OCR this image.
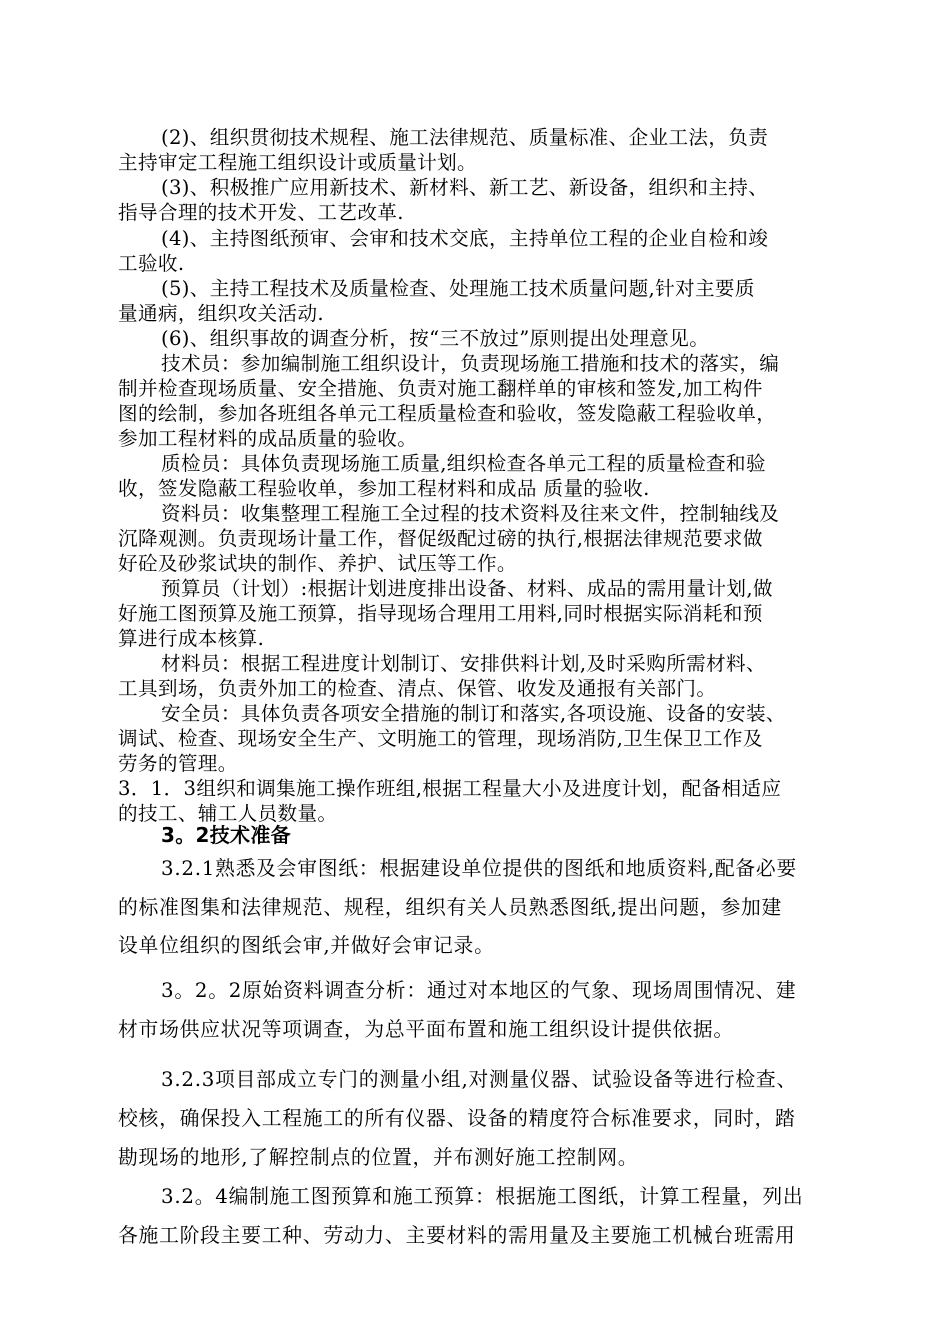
(2)、组织贯彻技术规程、施工法律规范、质量标准、企业工法，负责
主持审定工程施工组织设计或质量计划。
(3)、积极推广应用新技术、新材料、新工艺、新设备，组织和主持、
指导合理的技术开发、工艺改革.
(4)、主持图纸预审、会审和技术交底，主持单位工程的企业自检和竣
工验收.
(5)、主持工程技术及质量检查、处理施工技术质量问题,针对主要质
量通病，组织攻关活动.
(6)、组织事故的调查分析，按“三不放过”原则提出处理意见。
技术员：参加编制施工组织设计，负责现场施工措施和技术的落实，编
制并检查现场质量、安全措施、负责对施工翻样单的审核和签发,加工构件
图的绘制，参加各班组各单元工程质量检查和验收，签发隐蔽工程验收单，
参加工程材料的成品质量的验收。
质检员：具体负责现场施工质量,组织检查各单元工程的质量检查和验
收，签发隐蔽工程验收单，参加工程材料和成品 质量的验收.
资料员：收集整理工程施工全过程的技术资料及往来文件，控制轴线及
沉降观测。负责现场计量工作，督促级配过磅的执行,根据法律规范要求做
好砼及砂浆试块的制作、养护、试压等工作。
预算员（计划）:根据计划进度排出设备、材料、成品的需用量计划,做
好施工图预算及施工预算，指导现场合理用工用料,同时根据实际消耗和预
算进行成本核算.
材料员：根据工程进度计划制订、安排供料计划,及时采购所需材料、
工具到场，负责外加工的检查、清点、保管、收发及通报有关部门。
安全员：具体负责各项安全措施的制订和落实,各项设施、设备的安装、
调试、检查、现场安全生产、文明施工的管理，现场消防,卫生保卫工作及
劳务的管理。
3．1．3组织和调集施工操作班组,根据工程量大小及进度计划，配备相适应
的技工、辅工人员数量。
3。2技术准备
3.2.1熟悉及会审图纸：根据建设单位提供的图纸和地质资料,配备必要
的标准图集和法律规范、规程，组织有关人员熟悉图纸,提出问题，参加建
设单位组织的图纸会审,并做好会审记录。
3。2。2原始资料调查分析：通过对本地区的气象、现场周围情况、建
材市场供应状况等项调查，为总平面布置和施工组织设计提供依据。
3.2.3项目部成立专门的测量小组,对测量仪器、试验设备等进行检查、
校核，确保投入工程施工的所有仪器、设备的精度符合标准要求，同时，踏
勘现场的地形,了解控制点的位置，并布测好施工控制网。
3.2。4编制施工图预算和施工预算：根据施工图纸，计算工程量，列出
各施工阶段主要工种、劳动力、主要材料的需用量及主要施工机械台班需用
